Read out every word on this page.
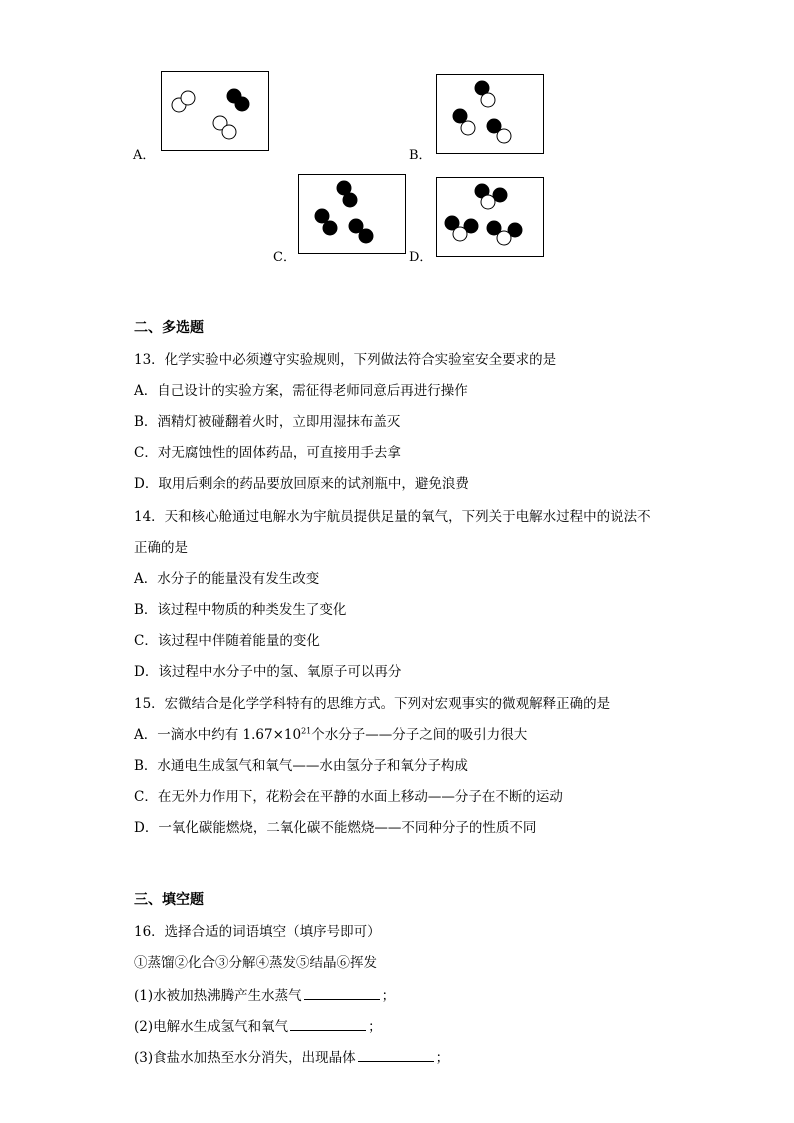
A．	B．
C．	D．
二、多选题
13．化学实验中必须遵守实验规则，下列做法符合实验室安全要求的是
A．自己设计的实验方案，需征得老师同意后再进行操作
B．酒精灯被碰翻着火时，立即用湿抹布盖灭
C．对无腐蚀性的固体药品，可直接用手去拿
D．取用后剩余的药品要放回原来的试剂瓶中，避免浪费
14．天和核心舱通过电解水为宇航员提供足量的氧气，下列关于电解水过程中的说法不
正确的是
A．水分子的能量没有发生改变
B．该过程中物质的种类发生了变化
C．该过程中伴随着能量的变化
D．该过程中水分子中的氢、氧原子可以再分
15．宏微结合是化学学科特有的思维方式。下列对宏观事实的微观解释正确的是
A．一滴水中约有 $1.67\times 10^{21}$个水分子——分子之间的吸引力很大
B．水通电生成氢气和氧气——水由氢分子和氧分子构成
C．在无外力作用下，花粉会在平静的水面上移动——分子在不断的运动
D．一氧化碳能燃烧，二氧化碳不能燃烧——不同种分子的性质不同
三、填空题
16．选择合适的词语填空（填序号即可）
①蒸馏②化合③分解④蒸发⑤结晶⑥挥发
(1)水被加热沸腾产生水蒸气	；
(2)电解水生成氢气和氧气	；
(3)食盐水加热至水分消失，出现晶体	；
